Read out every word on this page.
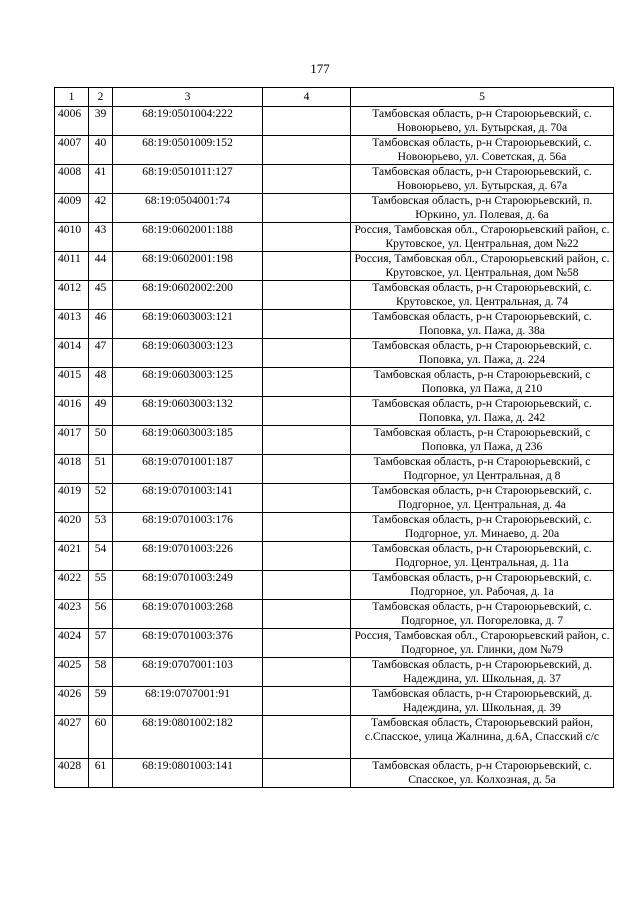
177
1	2	3	4	5
4006	39	68:19:0501004:222		Тамбовская область, р-н Староюрьевский, с. Новоюрьево, ул. Бутырская, д. 70а
4007	40	68:19:0501009:152		Тамбовская область, р-н Староюрьевский, с. Новоюрьево, ул. Советская, д. 56а
4008	41	68:19:0501011:127		Тамбовская область, р-н Староюрьевский, с. Новоюрьево, ул. Бутырская, д. 67а
4009	42	68:19:0504001:74		Тамбовская область, р-н Староюрьевский, п. Юркино, ул. Полевая, д. 6а
4010	43	68:19:0602001:188		Россия, Тамбовская обл., Староюрьевский район, с. Крутовское, ул. Центральная, дом №22
4011	44	68:19:0602001:198		Россия, Тамбовская обл., Староюрьевский район, с. Крутовское, ул. Центральная, дом №58
4012	45	68:19:0602002:200		Тамбовская область, р-н Староюрьевский, с. Крутовское, ул. Центральная, д. 74
4013	46	68:19:0603003:121		Тамбовская область, р-н Староюрьевский, с. Поповка, ул. Пажа, д. 38а
4014	47	68:19:0603003:123		Тамбовская область, р-н Староюрьевский, с. Поповка, ул. Пажа, д. 224
4015	48	68:19:0603003:125		Тамбовская область, р-н Староюрьевский, с Поповка, ул Пажа, д 210
4016	49	68:19:0603003:132		Тамбовская область, р-н Староюрьевский, с. Поповка, ул. Пажа, д. 242
4017	50	68:19:0603003:185		Тамбовская область, р-н Староюрьевский, с Поповка, ул Пажа, д 236
4018	51	68:19:0701001:187		Тамбовская область, р-н Староюрьевский, с Подгорное, ул Центральная, д 8
4019	52	68:19:0701003:141		Тамбовская область, р-н Староюрьевский, с. Подгорное, ул. Центральная, д. 4а
4020	53	68:19:0701003:176		Тамбовская область, р-н Староюрьевский, с. Подгорное, ул. Минаево, д. 20а
4021	54	68:19:0701003:226		Тамбовская область, р-н Староюрьевский, с. Подгорное, ул. Центральная, д. 11а
4022	55	68:19:0701003:249		Тамбовская область, р-н Староюрьевский, с. Подгорное, ул. Рабочая, д. 1а
4023	56	68:19:0701003:268		Тамбовская область, р-н Староюрьевский, с. Подгорное, ул. Погореловка, д. 7
4024	57	68:19:0701003:376		Россия, Тамбовская обл., Староюрьевский район, с. Подгорное, ул. Глинки, дом №79
4025	58	68:19:0707001:103		Тамбовская область, р-н Староюрьевский, д. Надеждина, ул. Школьная, д. 37
4026	59	68:19:0707001:91		Тамбовская область, р-н Староюрьевский, д. Надеждина, ул. Школьная, д. 39
4027	60	68:19:0801002:182		Тамбовская область, Староюрьевский район, с.Спасское, улица Жалнина, д.6А, Спасский с/с
4028	61	68:19:0801003:141		Тамбовская область, р-н Староюрьевский, с. Спасское, ул. Колхозная, д. 5а
